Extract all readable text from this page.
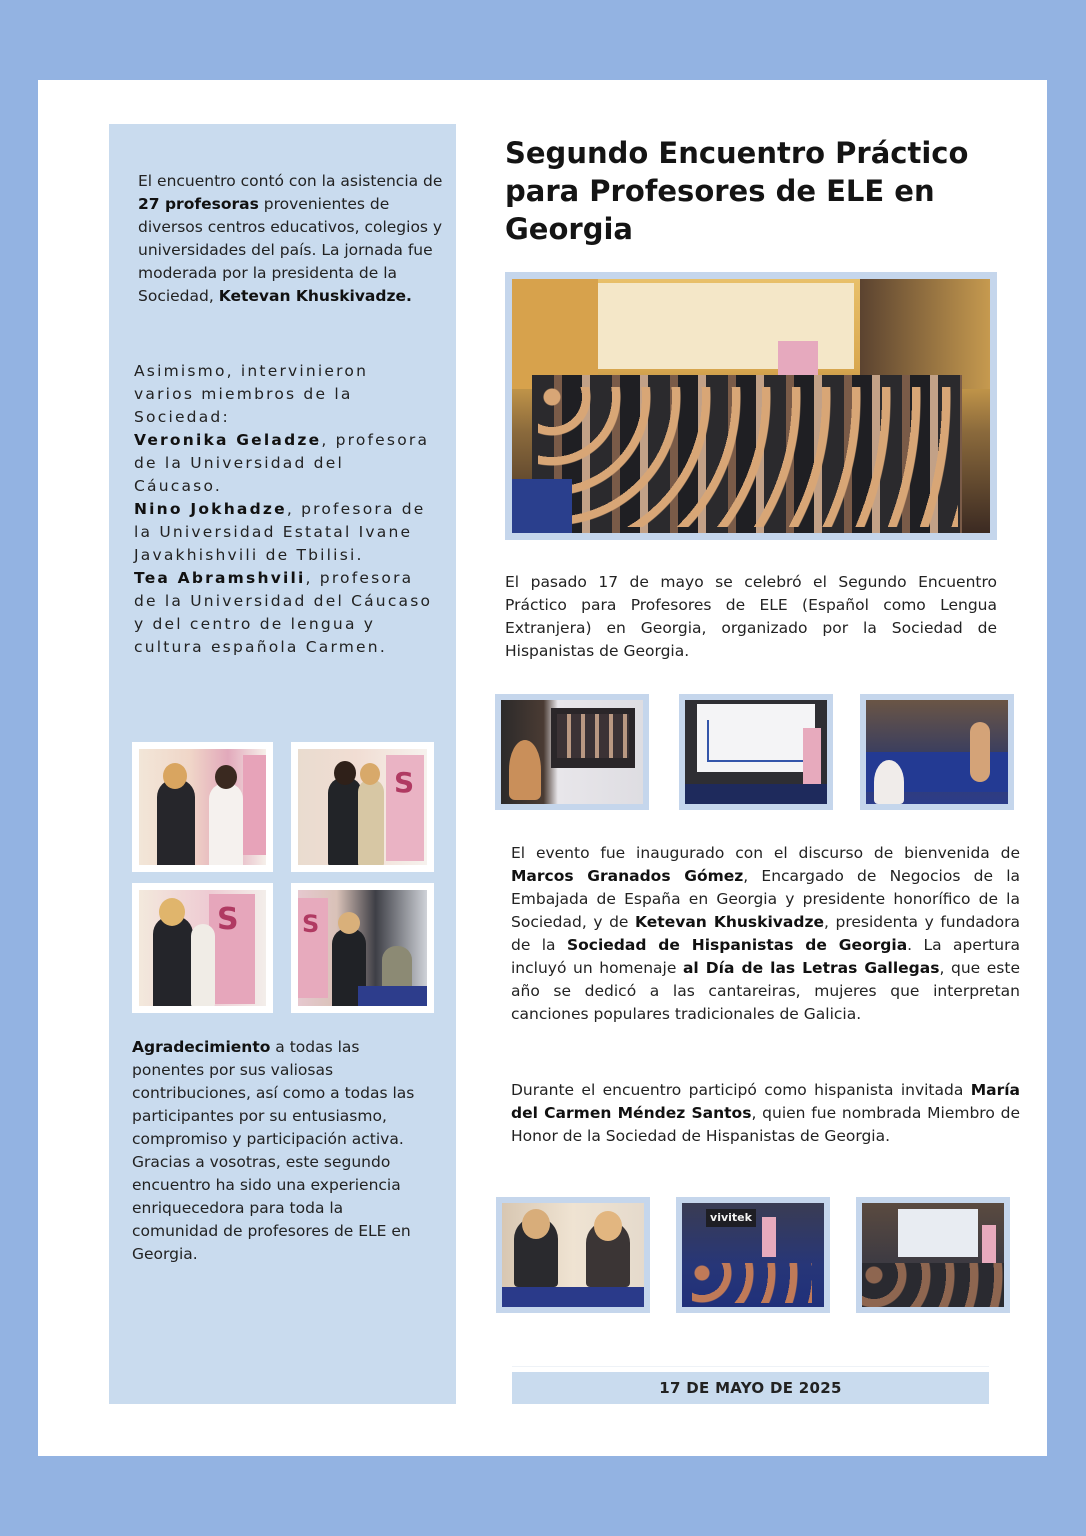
El encuentro contó con la asistencia de 27 profesoras provenientes de diversos centros educativos, colegios y universidades del país. La jornada fue moderada por la presidenta de la Sociedad, Ketevan Khuskivadze.

Asimismo, intervinieron varios miembros de la Sociedad:
Veronika Geladze, profesora de la Universidad del Cáucaso.
Nino Jokhadze, profesora de la Universidad Estatal Ivane Javakhishvili de Tbilisi.
Tea Abramshvili, profesora de la Universidad del Cáucaso y del centro de lengua y cultura española Carmen.

S
S	S

Agradecimiento a todas las ponentes por sus valiosas contribuciones, así como a todas las participantes por su entusiasmo, compromiso y participación activa. Gracias a vosotras, este segundo encuentro ha sido una experiencia enriquecedora para toda la comunidad de profesores de ELE en Georgia.

Segundo Encuentro Práctico para Profesores de ELE en Georgia

El pasado 17 de mayo se celebró el Segundo Encuentro Práctico para Profesores de ELE (Español como Lengua Extranjera) en Georgia, organizado por la Sociedad de Hispanistas de Georgia.

El evento fue inaugurado con el discurso de bienvenida de Marcos Granados Gómez, Encargado de Negocios de la Embajada de España en Georgia y presidente honorífico de la Sociedad, y de Ketevan Khuskivadze, presidenta y fundadora de la Sociedad de Hispanistas de Georgia. La apertura incluyó un homenaje al Día de las Letras Gallegas, que este año se dedicó a las cantareiras, mujeres que interpretan canciones populares tradicionales de Galicia.

Durante el encuentro participó como hispanista invitada María del Carmen Méndez Santos, quien fue nombrada Miembro de Honor de la Sociedad de Hispanistas de Georgia.

vivitek
17 DE MAYO DE 2025
